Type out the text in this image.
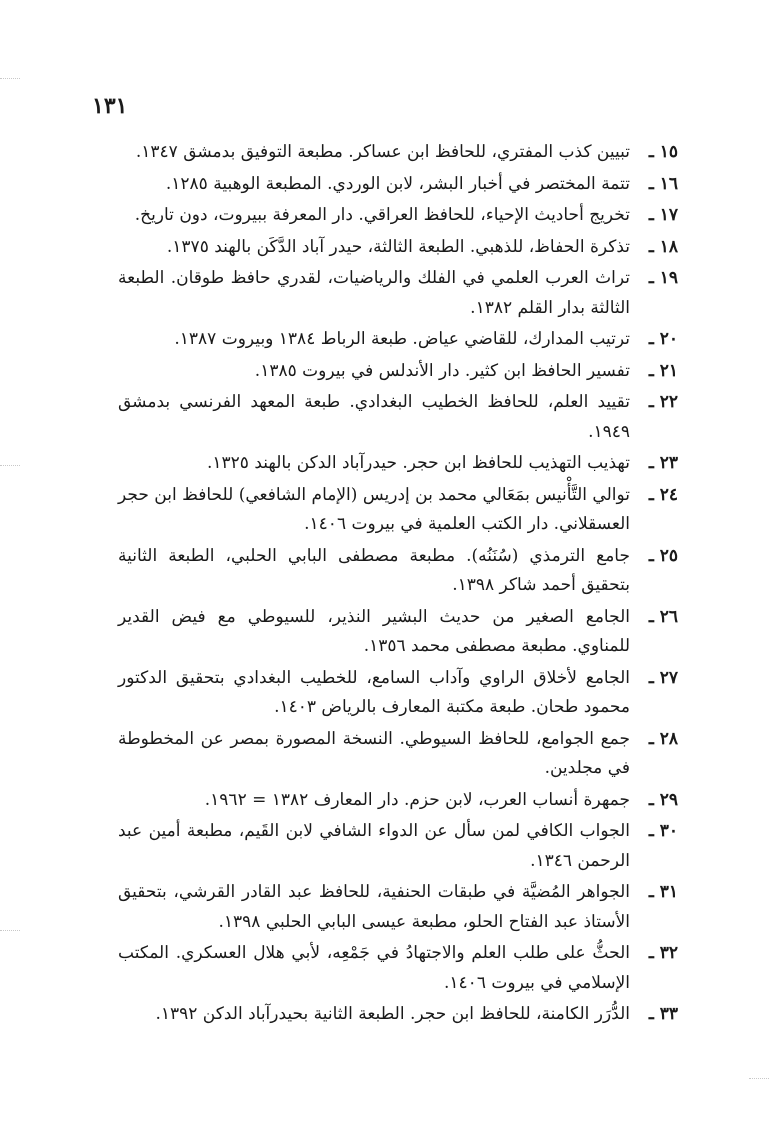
١٣١
١٥ ـ
تبيين كذب المفتري، للحافظ ابن عساكر. مطبعة التوفيق بدمشق ١٣٤٧.
١٦ ـ
تتمة المختصر في أخبار البشر، لابن الوردي. المطبعة الوهبية ١٢٨٥.
١٧ ـ
تخريج أحاديث الإحياء، للحافظ العراقي. دار المعرفة ببيروت، دون تاريخ.
١٨ ـ
تذكرة الحفاظ، للذهبي. الطبعة الثالثة، حيدر آباد الدَّكَن بالهند ١٣٧٥.
١٩ ـ
تراث العرب العلمي في الفلك والرياضيات، لقدري حافظ طوقان. الطبعة الثالثة بدار القلم ١٣٨٢.
٢٠ ـ
ترتيب المدارك، للقاضي عياض. طبعة الرباط ١٣٨٤ وبيروت ١٣٨٧.
٢١ ـ
تفسير الحافظ ابن كثير. دار الأندلس في بيروت ١٣٨٥.
٢٢ ـ
تقييد العلم، للحافظ الخطيب البغدادي. طبعة المعهد الفرنسي بدمشق ١٩٤٩.
٢٣ ـ
تهذيب التهذيب للحافظ ابن حجر. حيدرآباد الدكن بالهند ١٣٢٥.
٢٤ ـ
توالي التَّأْنيس بمَعَالي محمد بن إدريس (الإمام الشافعي) للحافظ ابن حجر العسقلاني. دار الكتب العلمية في بيروت ١٤٠٦.
٢٥ ـ
جامع الترمذي (سُنَنُه). مطبعة مصطفى البابي الحلبي، الطبعة الثانية بتحقيق أحمد شاكر ١٣٩٨.
٢٦ ـ
الجامع الصغير من حديث البشير النذير، للسيوطي مع فيض القدير للمناوي. مطبعة مصطفى محمد ١٣٥٦.
٢٧ ـ
الجامع لأخلاق الراوي وآداب السامع، للخطيب البغدادي بتحقيق الدكتور محمود طحان. طبعة مكتبة المعارف بالرياض ١٤٠٣.
٢٨ ـ
جمع الجوامع، للحافظ السيوطي. النسخة المصورة بمصر عن المخطوطة في مجلدين.
٢٩ ـ
جمهرة أنساب العرب، لابن حزم. دار المعارف ١٣٨٢ = ١٩٦٢.
٣٠ ـ
الجواب الكافي لمن سأل عن الدواء الشافي لابن القَيم، مطبعة أمين عبد الرحمن ١٣٤٦.
٣١ ـ
الجواهر المُضيَّة في طبقات الحنفية، للحافظ عبد القادر القرشي، بتحقيق الأستاذ عبد الفتاح الحلو، مطبعة عيسى البابي الحلبي ١٣٩٨.
٣٢ ـ
الحثُّ على طلب العلم والاجتهادُ في جَمْعِه، لأبي هلال العسكري. المكتب الإسلامي في بيروت ١٤٠٦.
٣٣ ـ
الدُّرَر الكامنة، للحافظ ابن حجر. الطبعة الثانية بحيدرآباد الدكن ١٣٩٢.
